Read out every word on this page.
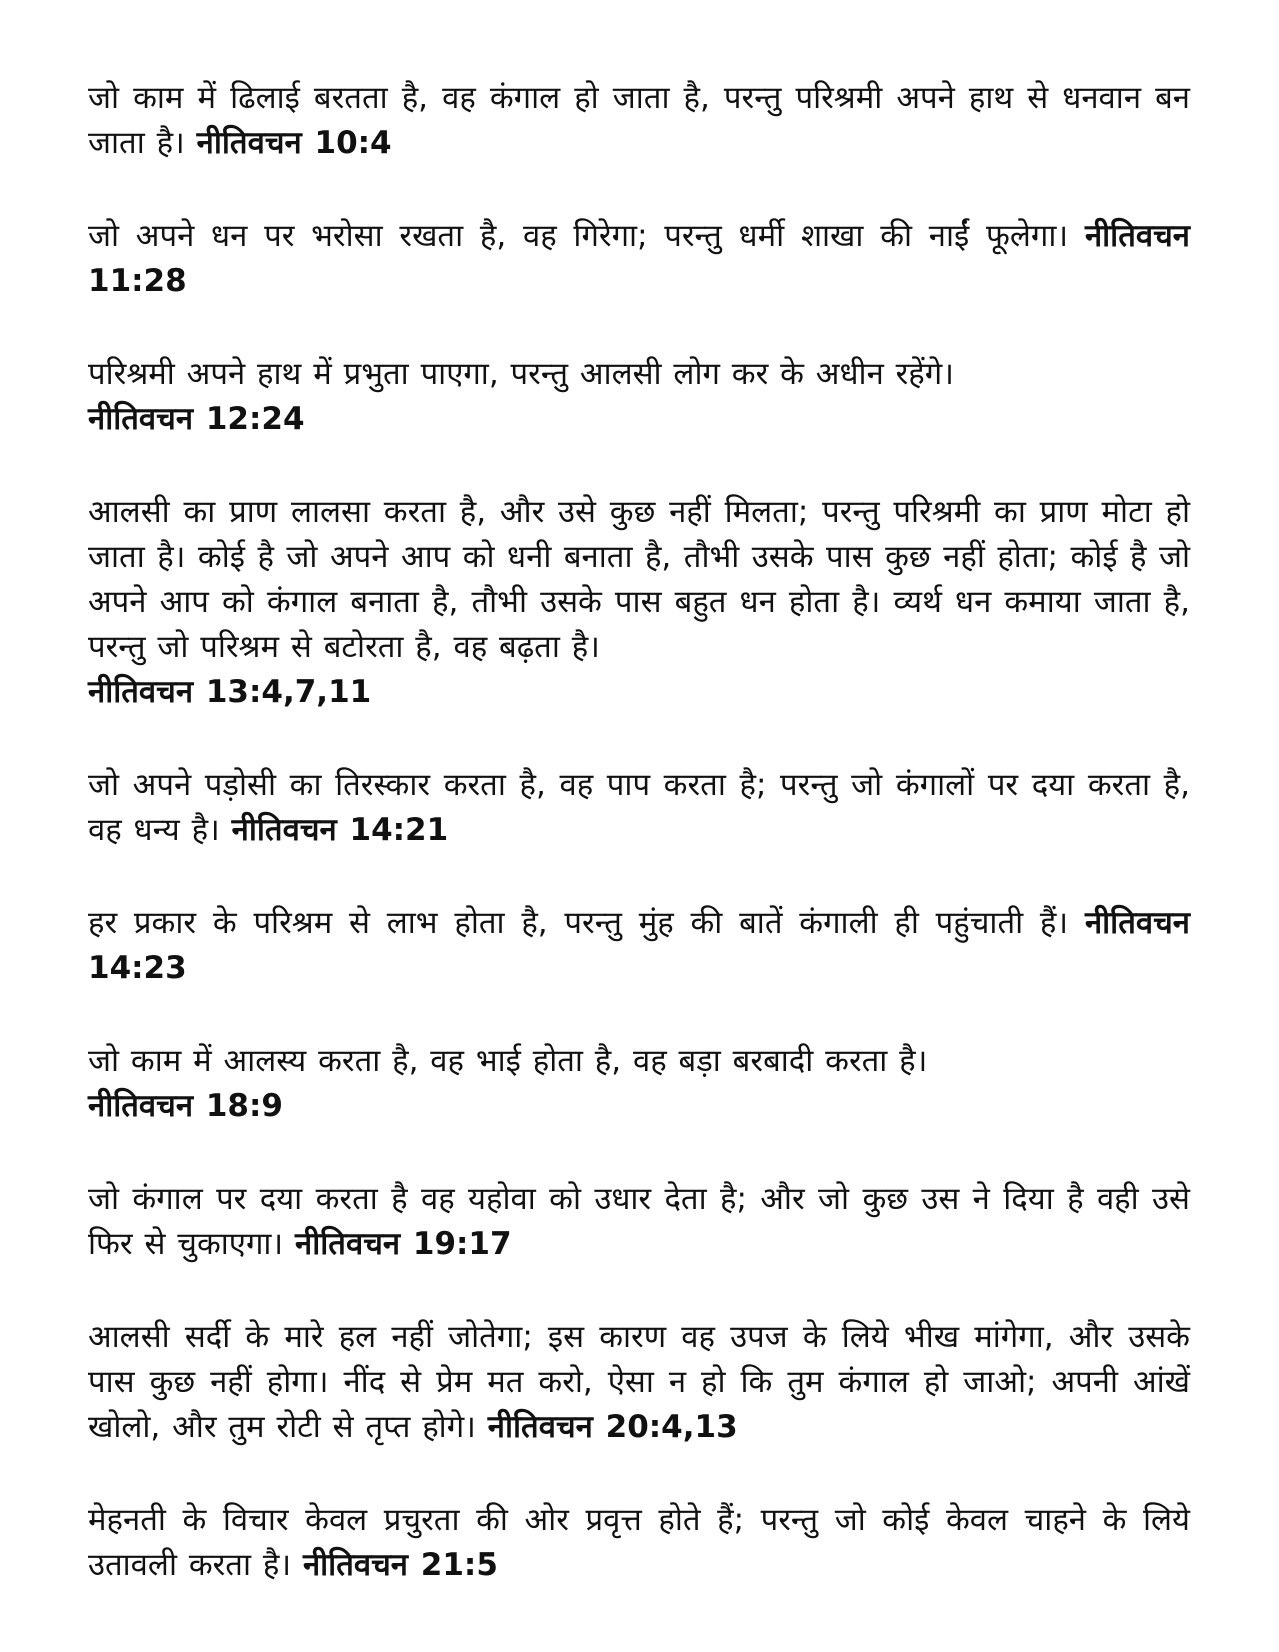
जो काम में ढिलाई बरतता है, वह कंगाल हो जाता है, परन्तु परिश्रमी अपने हाथ से धनवान बन जाता है। नीतिवचन 10:4

जो अपने धन पर भरोसा रखता है, वह गिरेगा; परन्तु धर्मी शाखा की नाईं फूलेगा। नीतिवचन 11:28

परिश्रमी अपने हाथ में प्रभुता पाएगा, परन्तु आलसी लोग कर के अधीन रहेंगे।
नीतिवचन 12:24

आलसी का प्राण लालसा करता है, और उसे कुछ नहीं मिलता; परन्तु परिश्रमी का प्राण मोटा हो जाता है। कोई है जो अपने आप को धनी बनाता है, तौभी उसके पास कुछ नहीं होता; कोई है जो अपने आप को कंगाल बनाता है, तौभी उसके पास बहुत धन होता है। व्यर्थ धन कमाया जाता है, परन्तु जो परिश्रम से बटोरता है, वह बढ़ता है।
नीतिवचन 13:4,7,11

जो अपने पड़ोसी का तिरस्कार करता है, वह पाप करता है; परन्तु जो कंगालों पर दया करता है, वह धन्य है। नीतिवचन 14:21

हर प्रकार के परिश्रम से लाभ होता है, परन्तु मुंह की बातें कंगाली ही पहुंचाती हैं। नीतिवचन 14:23

जो काम में आलस्य करता है, वह भाई होता है, वह बड़ा बरबादी करता है।
नीतिवचन 18:9

जो कंगाल पर दया करता है वह यहोवा को उधार देता है; और जो कुछ उस ने दिया है वही उसे फिर से चुकाएगा। नीतिवचन 19:17

आलसी सर्दी के मारे हल नहीं जोतेगा; इस कारण वह उपज के लिये भीख मांगेगा, और उसके पास कुछ नहीं होगा। नींद से प्रेम मत करो, ऐसा न हो कि तुम कंगाल हो जाओ; अपनी आंखें खोलो, और तुम रोटी से तृप्त होगे। नीतिवचन 20:4,13

मेहनती के विचार केवल प्रचुरता की ओर प्रवृत्त होते हैं; परन्तु जो कोई केवल चाहने के लिये उतावली करता है। नीतिवचन 21:5
